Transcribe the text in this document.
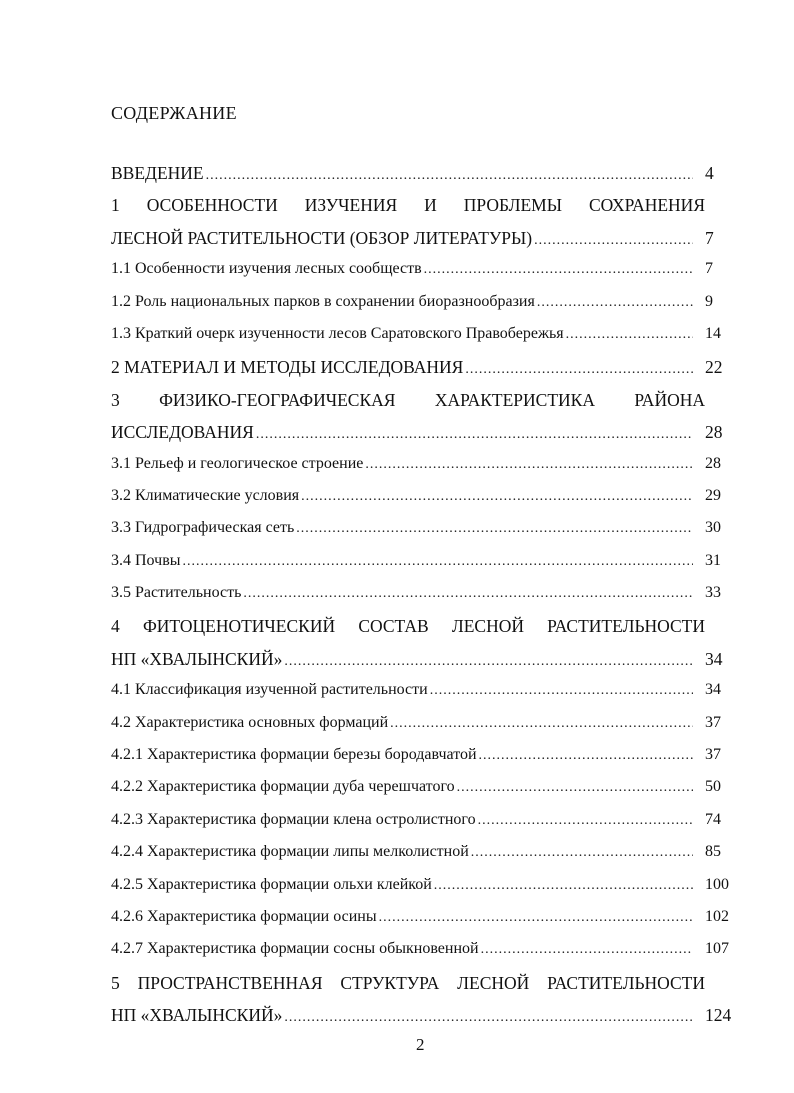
СОДЕРЖАНИЕ
ВВЕДЕНИЕ .....	4
1 ОСОБЕННОСТИ ИЗУЧЕНИЯ И ПРОБЛЕМЫ СОХРАНЕНИЯ
ЛЕСНОЙ РАСТИТЕЛЬНОСТИ (ОБЗОР ЛИТЕРАТУРЫ) .....	7
1.1 Особенности изучения лесных сообществ .....	7
1.2 Роль национальных парков в сохранении биоразнообразия .....	9
1.3 Краткий очерк изученности лесов Саратовского Правобережья .....	14
2 МАТЕРИАЛ И МЕТОДЫ ИССЛЕДОВАНИЯ .....	22
3 ФИЗИКО-ГЕОГРАФИЧЕСКАЯ ХАРАКТЕРИСТИКА РАЙОНА
ИССЛЕДОВАНИЯ .....	28
3.1 Рельеф и геологическое строение .....	28
3.2 Климатические условия .....	29
3.3 Гидрографическая сеть .....	30
3.4 Почвы .....	31
3.5 Растительность .....	33
4 ФИТОЦЕНОТИЧЕСКИЙ СОСТАВ ЛЕСНОЙ РАСТИТЕЛЬНОСТИ
НП «ХВАЛЫНСКИЙ» .....	34
4.1 Классификация изученной растительности .....	34
4.2 Характеристика основных формаций .....	37
4.2.1 Характеристика формации березы бородавчатой .....	37
4.2.2 Характеристика формации дуба черешчатого .....	50
4.2.3 Характеристика формации клена остролистного .....	74
4.2.4 Характеристика формации липы мелколистной .....	85
4.2.5 Характеристика формации ольхи клейкой .....	100
4.2.6 Характеристика формации осины .....	102
4.2.7 Характеристика формации сосны обыкновенной .....	107
5 ПРОСТРАНСТВЕННАЯ СТРУКТУРА ЛЕСНОЙ РАСТИТЕЛЬНОСТИ
НП «ХВАЛЫНСКИЙ» .....	124
2
